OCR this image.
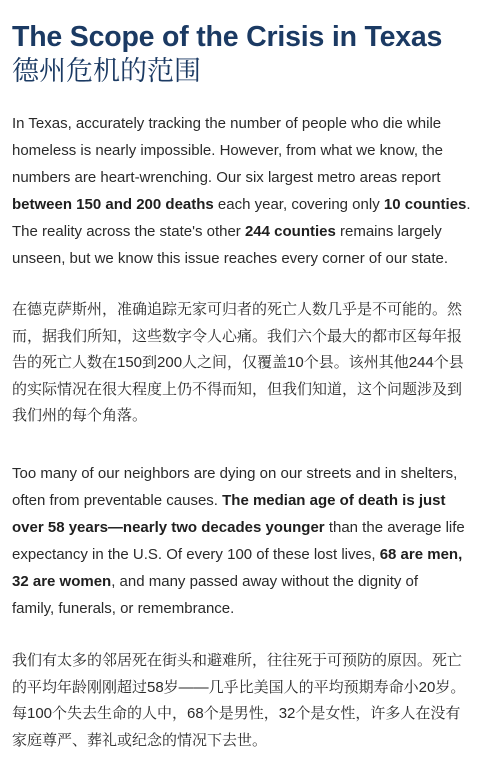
The Scope of the Crisis in Texas
德州危机的范围

In Texas, accurately tracking the number of people who die while
homeless is nearly impossible. However, from what we know, the
numbers are heart-wrenching. Our six largest metro areas report
between 150 and 200 deaths each year, covering only 10 counties.
The reality across the state's other 244 counties remains largely
unseen, but we know this issue reaches every corner of our state.

在德克萨斯州，准确追踪无家可归者的死亡人数几乎是不可能的。然
而，据我们所知，这些数字令人心痛。我们六个最大的都市区每年报
告的死亡人数在150到200人之间，仅覆盖10个县。该州其他244个县
的实际情况在很大程度上仍不得而知，但我们知道，这个问题涉及到
我们州的每个角落。

Too many of our neighbors are dying on our streets and in shelters,
often from preventable causes. The median age of death is just
over 58 years—nearly two decades younger than the average life
expectancy in the U.S. Of every 100 of these lost lives, 68 are men,
32 are women, and many passed away without the dignity of
family, funerals, or remembrance.

我们有太多的邻居死在街头和避难所，往往死于可预防的原因。死亡
的平均年龄刚刚超过58岁——几乎比美国人的平均预期寿命小20岁。
每100个失去生命的人中，68个是男性，32个是女性，许多人在没有
家庭尊严、葬礼或纪念的情况下去世。
